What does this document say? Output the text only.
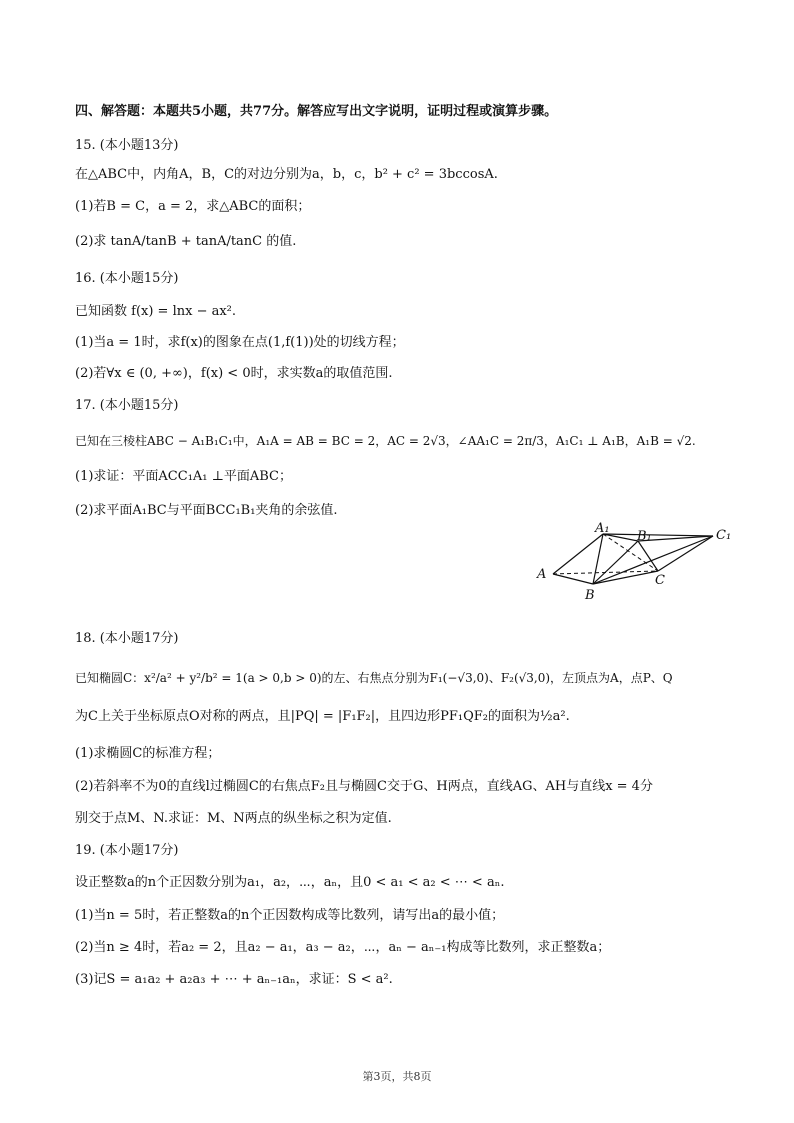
四、解答题：本题共5小题，共77分。解答应写出文字说明，证明过程或演算步骤。
15. (本小题13分)
在△ABC中，内角A，B，C的对边分别为a，b，c，b² + c² = 3bccosA.
(1)若B = C，a = 2，求△ABC的面积；
(2)求 tanA/tanB + tanA/tanC 的值.
16. (本小题15分)
已知函数 f(x) = lnx − ax².
(1)当a = 1时，求f(x)的图象在点(1,f(1))处的切线方程；
(2)若∀x ∈ (0, +∞)，f(x) < 0时，求实数a的取值范围.
17. (本小题15分)
已知在三棱柱ABC − A₁B₁C₁中，A₁A = AB = BC = 2，AC = 2√3，∠AA₁C = 2π/3，A₁C₁ ⊥ A₁B，A₁B = √2.
(1)求证：平面ACC₁A₁ ⊥平面ABC；
(2)求平面A₁BC与平面BCC₁B₁夹角的余弦值.
A₁
B₁	C₁
A
B
C
18. (本小题17分)
已知椭圆C：x²/a² + y²/b² = 1(a > 0,b > 0)的左、右焦点分别为F₁(−√3,0)、F₂(√3,0)，左顶点为A，点P、Q
为C上关于坐标原点O对称的两点，且|PQ| = |F₁F₂|，且四边形PF₁QF₂的面积为½a².
(1)求椭圆C的标准方程；
(2)若斜率不为0的直线l过椭圆C的右焦点F₂且与椭圆C交于G、H两点，直线AG、AH与直线x = 4分
别交于点M、N.求证：M、N两点的纵坐标之积为定值.
19. (本小题17分)
设正整数a的n个正因数分别为a₁，a₂，⋯，aₙ，且0 < a₁ < a₂ < ⋯ < aₙ.
(1)当n = 5时，若正整数a的n个正因数构成等比数列，请写出a的最小值；
(2)当n ≥ 4时，若a₂ = 2，且a₂ − a₁，a₃ − a₂，⋯，aₙ − aₙ₋₁构成等比数列，求正整数a；
(3)记S = a₁a₂ + a₂a₃ + ⋯ + aₙ₋₁aₙ，求证：S < a².
第3页，共8页
